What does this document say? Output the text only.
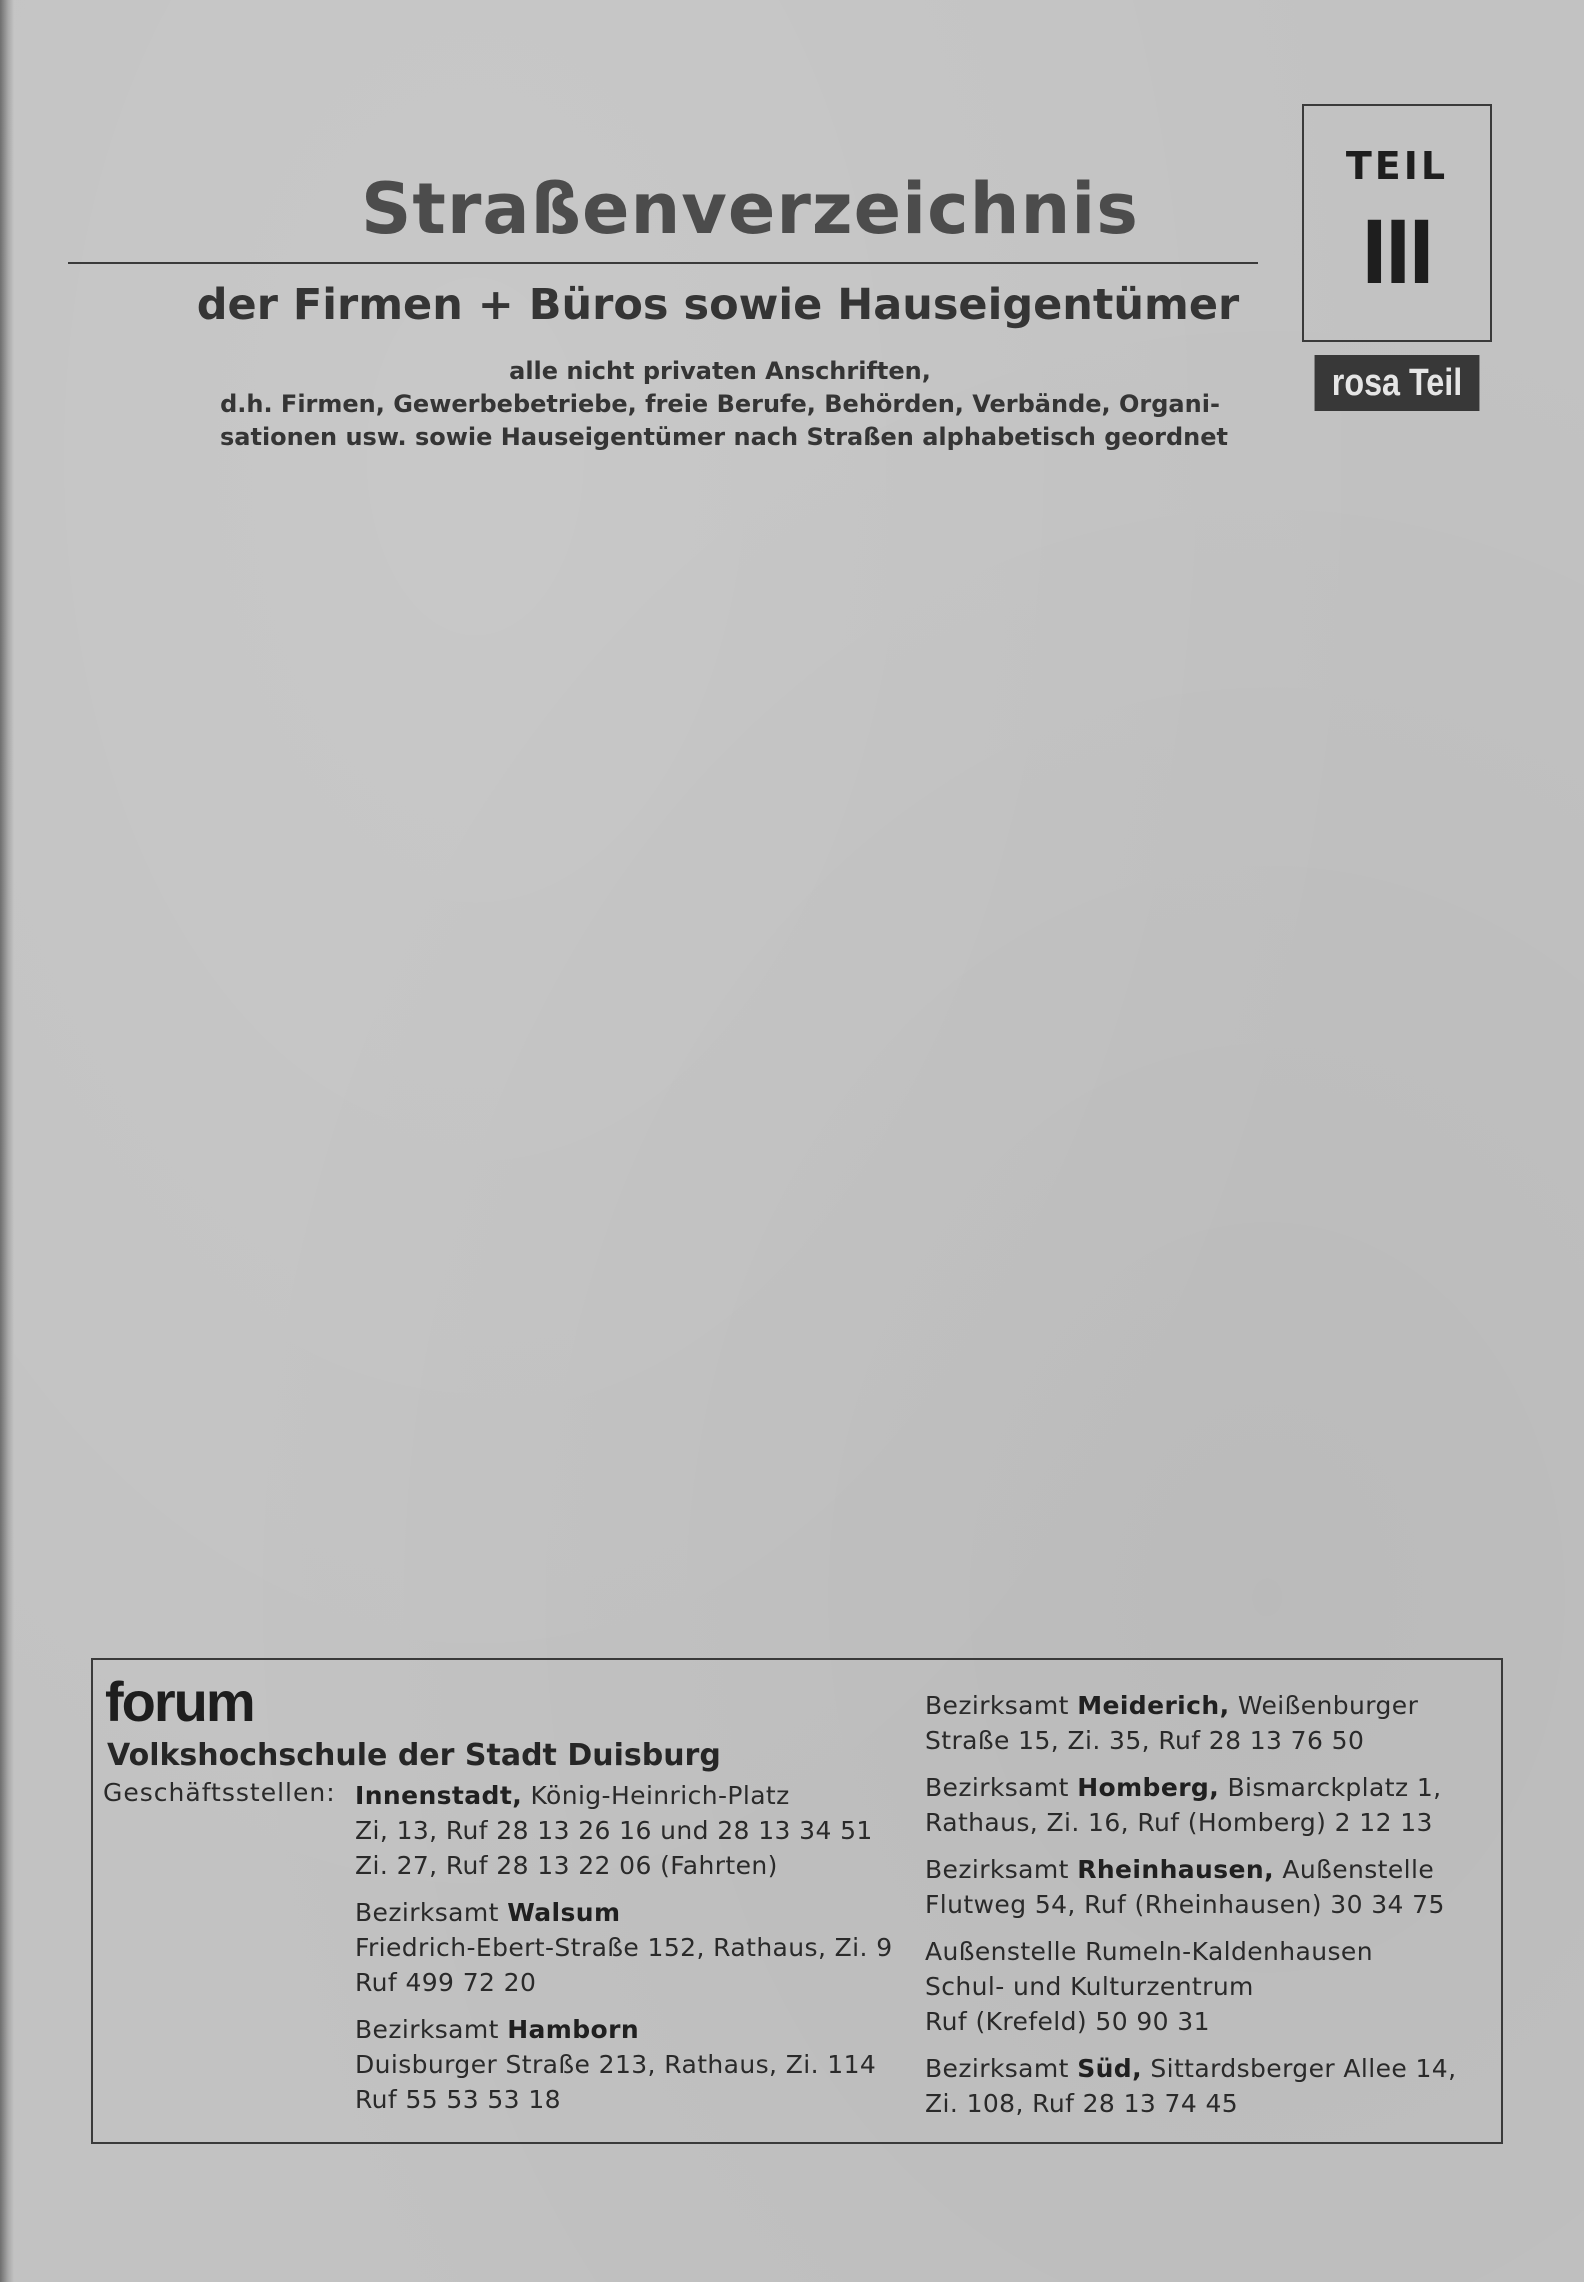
Straßenverzeichnis
der Firmen + Büros sowie Hauseigentümer
alle nicht privaten Anschriften,
d.h. Firmen, Gewerbebetriebe, freie Berufe, Behörden, Verbände, Organi-
sationen usw. sowie Hauseigentümer nach Straßen alphabetisch geordnet
TEIL
III
rosa Teil
forum
Volkshochschule der Stadt Duisburg
Geschäftsstellen: Innenstadt, König-Heinrich-Platz
Zi, 13, Ruf 28 13 26 16 und 28 13 34 51
Zi. 27, Ruf 28 13 22 06 (Fahrten)
Bezirksamt Walsum
Friedrich-Ebert-Straße 152, Rathaus, Zi. 9
Ruf 499 72 20
Bezirksamt Hamborn
Duisburger Straße 213, Rathaus, Zi. 114
Ruf 55 53 53 18
Bezirksamt Meiderich, Weißenburger
Straße 15, Zi. 35, Ruf 28 13 76 50
Bezirksamt Homberg, Bismarckplatz 1,
Rathaus, Zi. 16, Ruf (Homberg) 2 12 13
Bezirksamt Rheinhausen, Außenstelle
Flutweg 54, Ruf (Rheinhausen) 30 34 75
Außenstelle Rumeln-Kaldenhausen
Schul- und Kulturzentrum
Ruf (Krefeld) 50 90 31
Bezirksamt Süd, Sittardsberger Allee 14,
Zi. 108, Ruf 28 13 74 45
